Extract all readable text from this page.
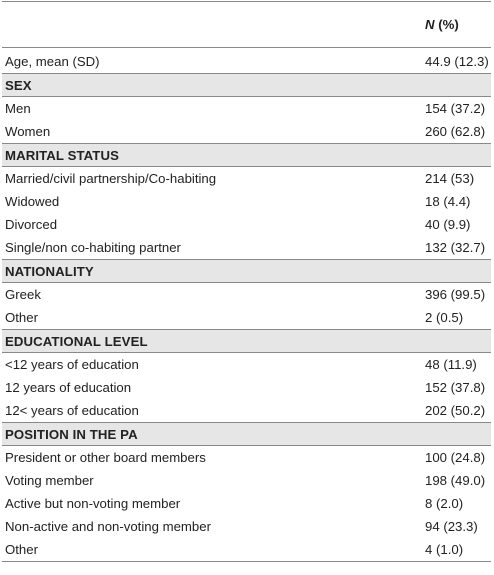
N (%)
Age, mean (SD)	44.9 (12.3)
SEX
Men	154 (37.2)
Women	260 (62.8)
MARITAL STATUS
Married/civil partnership/Co-habiting	214 (53)
Widowed	18 (4.4)
Divorced	40 (9.9)
Single/non co-habiting partner	132 (32.7)
NATIONALITY
Greek	396 (99.5)
Other	2 (0.5)
EDUCATIONAL LEVEL
<12 years of education	48 (11.9)
12 years of education	152 (37.8)
12< years of education	202 (50.2)
POSITION IN THE PA
President or other board members	100 (24.8)
Voting member	198 (49.0)
Active but non-voting member	8 (2.0)
Non-active and non-voting member	94 (23.3)
Other	4 (1.0)
